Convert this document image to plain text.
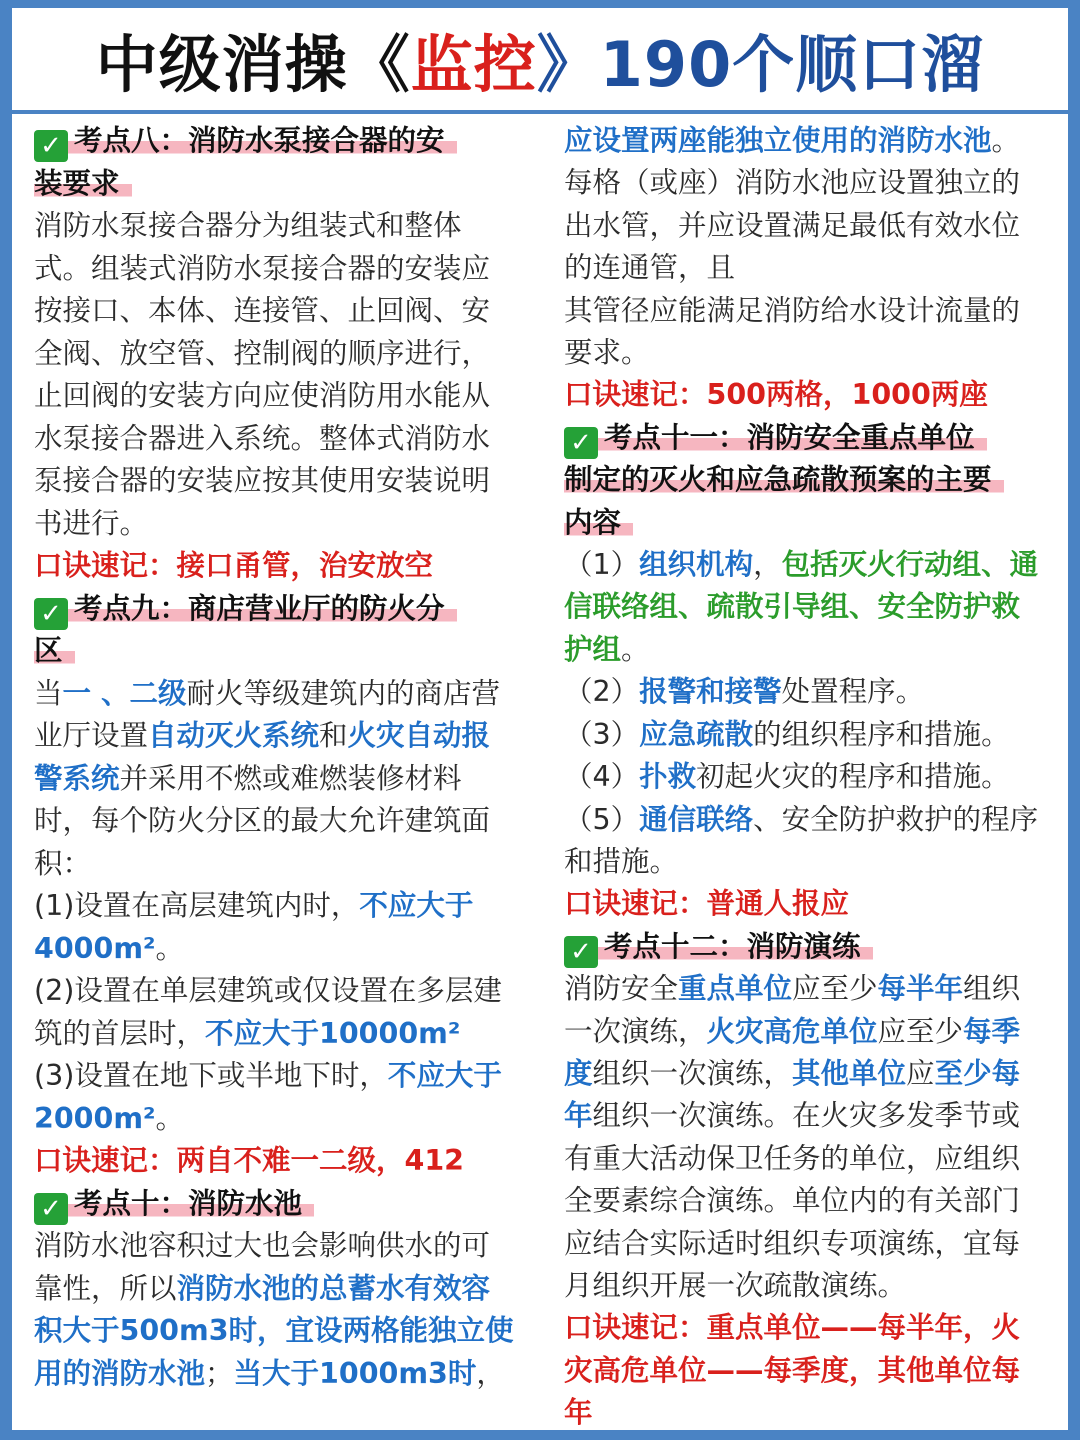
中级消操《 监控 》190个顺口溜

✓ 考点八：消防水泵接合器的安

装要求

消防水泵接合器分为组装式和整体

式。组装式消防水泵接合器的安装应

按接口、本体、连接管、止回阀、安

全阀、放空管、控制阀的顺序进行，

止回阀的安装方向应使消防用水能从

水泵接合器进入系统。整体式消防水

泵接合器的安装应按其使用安装说明

书进行。

口诀速记：接口甬管，治安放空

✓ 考点九：商店营业厅的防火分

区

当一 、二级耐火等级建筑内的商店营

业厅设置自动灭火系统和火灾自动报

警系统并采用不燃或难燃装修材料

时，每个防火分区的最大允许建筑面

积：

(1)设置在高层建筑内时，不应大于

4000m²。

(2)设置在单层建筑或仅设置在多层建

筑的首层时，不应大于10000m²

(3)设置在地下或半地下时，不应大于

2000m²。

口诀速记：两自不难一二级，412

✓ 考点十：消防水池

消防水池容积过大也会影响供水的可

靠性，所以消防水池的总蓄水有效容

积大于500m3时，宜设两格能独立使

用的消防水池；当大于1000m3时，

应设置两座能独立使用的消防水池。

每格（或座）消防水池应设置独立的

出水管，并应设置满足最低有效水位

的连通管，且

其管径应能满足消防给水设计流量的

要求。

口诀速记：500两格，1000两座

✓ 考点十一：消防安全重点单位

制定的灭火和应急疏散预案的主要

内容

（1）组织机构，包括灭火行动组、通

信联络组、疏散引导组、安全防护救

护组。

（2）报警和接警处置程序。

（3）应急疏散的组织程序和措施。

（4）扑救初起火灾的程序和措施。

（5）通信联络、安全防护救护的程序

和措施。

口诀速记：普通人报应

✓ 考点十二：消防演练

消防安全重点单位应至少每半年组织

一次演练，火灾高危单位应至少每季

度组织一次演练，其他单位应至少每

年组织一次演练。在火灾多发季节或

有重大活动保卫任务的单位，应组织

全要素综合演练。单位内的有关部门

应结合实际适时组织专项演练，宜每

月组织开展一次疏散演练。

口诀速记：重点单位——每半年，火

灾高危单位——每季度，其他单位每

年
